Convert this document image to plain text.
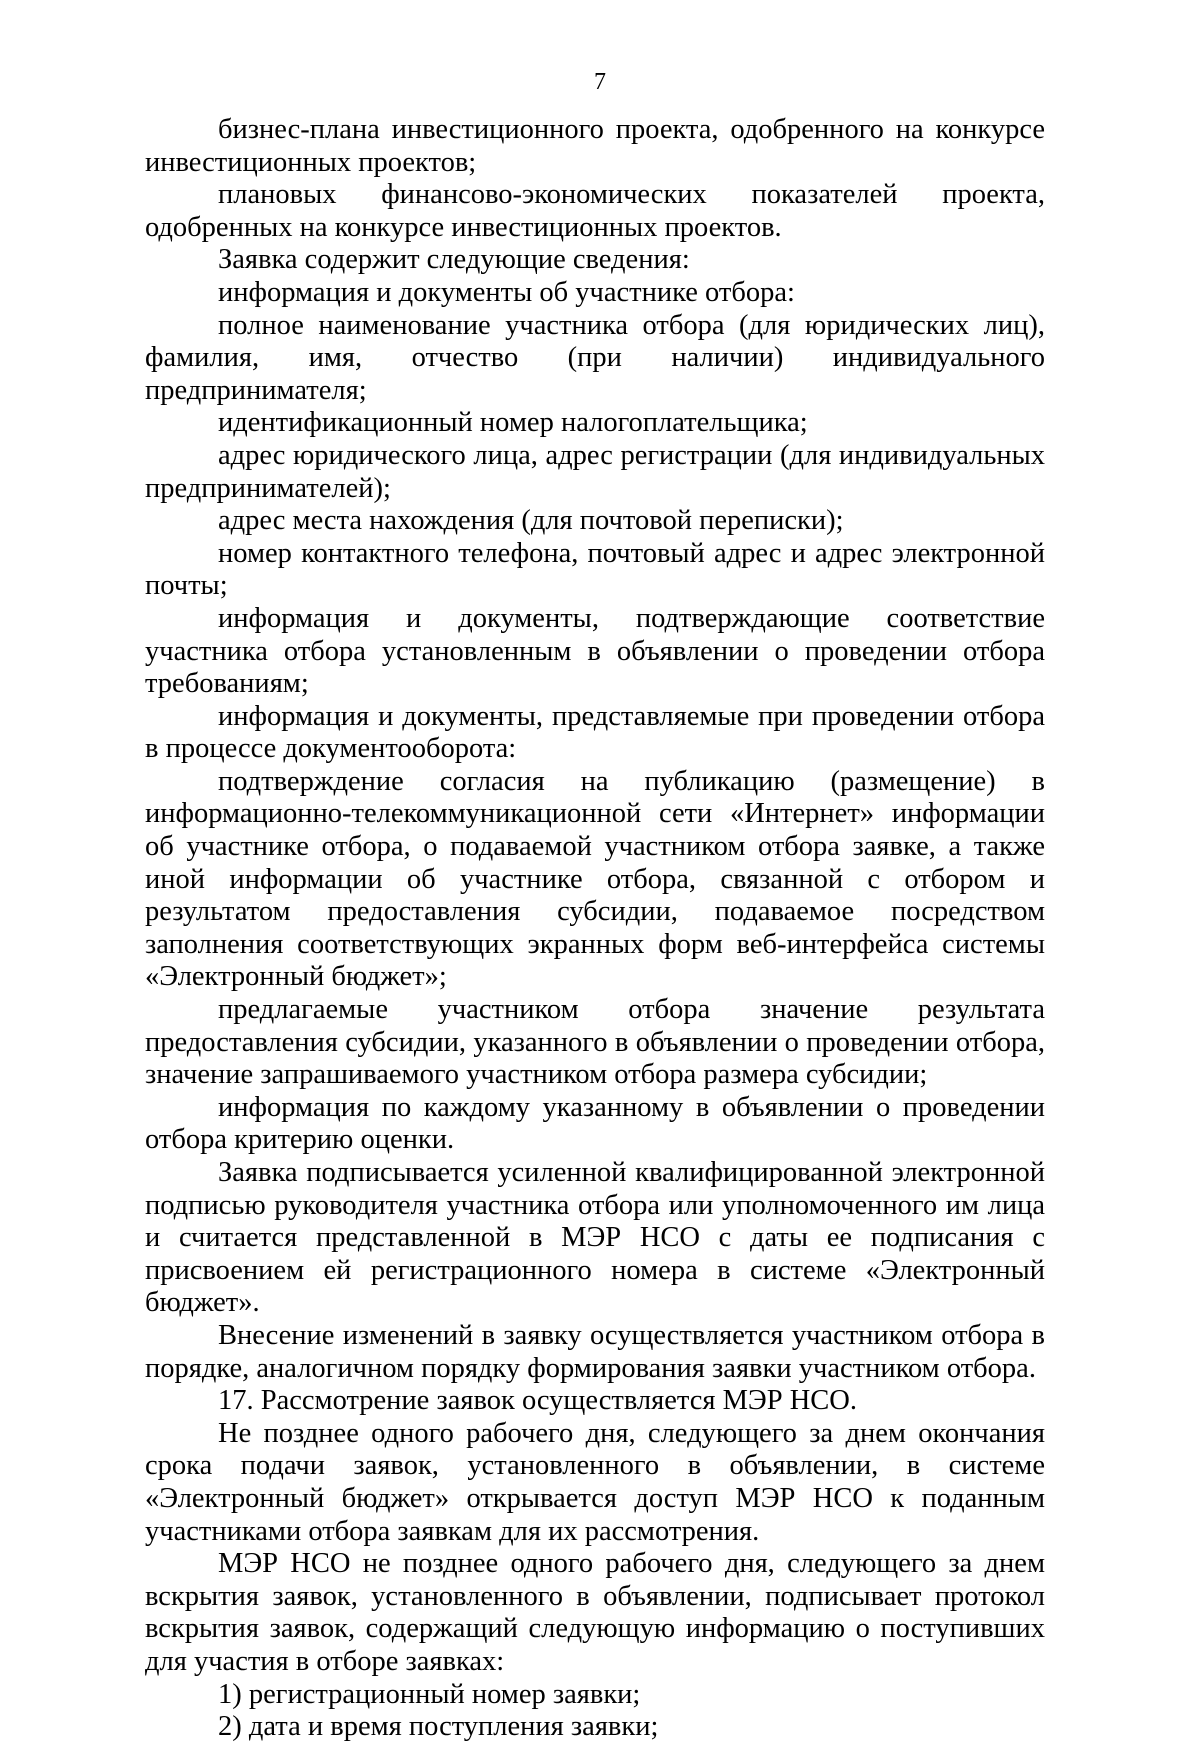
7

бизнес-плана инвестиционного проекта, одобренного на конкурсе инвестиционных проектов;

плановых финансово-экономических показателей проекта, одобренных на конкурсе инвестиционных проектов.

Заявка содержит следующие сведения:

информация и документы об участнике отбора:

полное наименование участника отбора (для юридических лиц), фамилия, имя, отчество (при наличии) индивидуального предпринимателя;

идентификационный номер налогоплательщика;

адрес юридического лица, адрес регистрации (для индивидуальных предпринимателей);

адрес места нахождения (для почтовой переписки);

номер контактного телефона, почтовый адрес и адрес электронной почты;

информация и документы, подтверждающие соответствие участника отбора установленным в объявлении о проведении отбора требованиям;

информация и документы, представляемые при проведении отбора в процессе документооборота:

подтверждение согласия на публикацию (размещение) в информационно-телекоммуникационной сети «Интернет» информации об участнике отбора, о подаваемой участником отбора заявке, а также иной информации об участнике отбора, связанной с отбором и результатом предоставления субсидии, подаваемое посредством заполнения соответствующих экранных форм веб-интерфейса системы «Электронный бюджет»;

предлагаемые участником отбора значение результата предоставления субсидии, указанного в объявлении о проведении отбора, значение запрашиваемого участником отбора размера субсидии;

информация по каждому указанному в объявлении о проведении отбора критерию оценки.

Заявка подписывается усиленной квалифицированной электронной подписью руководителя участника отбора или уполномоченного им лица и считается представленной в МЭР НСО с даты ее подписания с присвоением ей регистрационного номера в системе «Электронный бюджет».

Внесение изменений в заявку осуществляется участником отбора в порядке, аналогичном порядку формирования заявки участником отбора.

17. Рассмотрение заявок осуществляется МЭР НСО.

Не позднее одного рабочего дня, следующего за днем окончания срока подачи заявок, установленного в объявлении, в системе «Электронный бюджет» открывается доступ МЭР НСО к поданным участниками отбора заявкам для их рассмотрения.

МЭР НСО не позднее одного рабочего дня, следующего за днем вскрытия заявок, установленного в объявлении, подписывает протокол вскрытия заявок, содержащий следующую информацию о поступивших для участия в отборе заявках:

1) регистрационный номер заявки;

2) дата и время поступления заявки;
